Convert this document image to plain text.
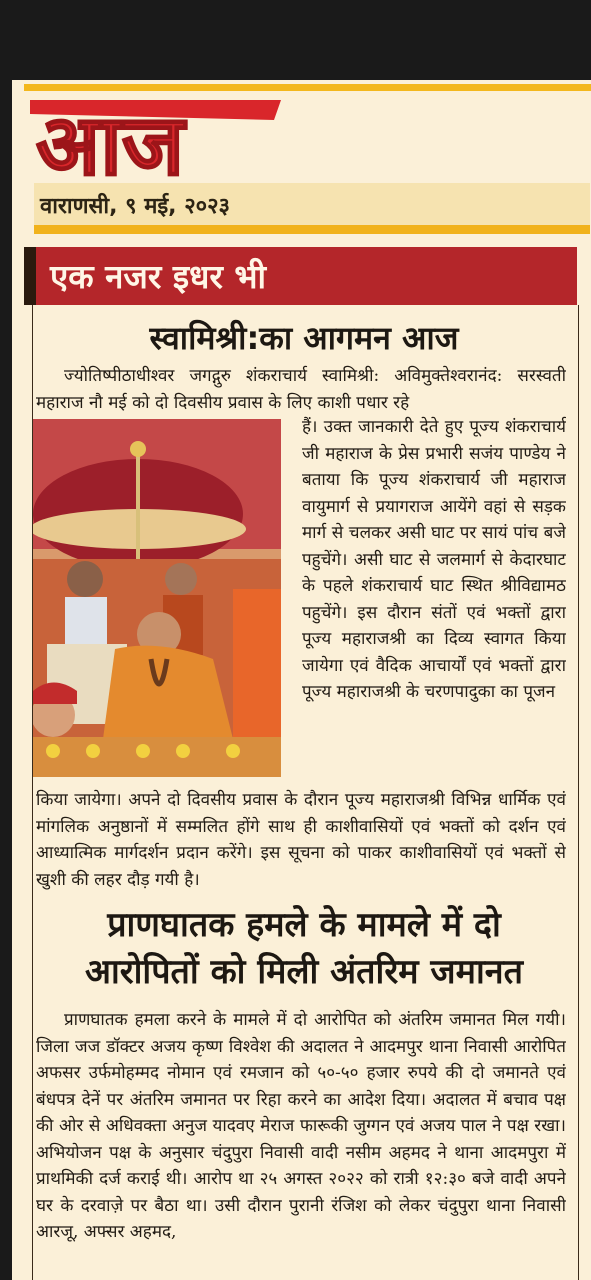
आज
वाराणसी, ९ मई, २०२३
एक नजर इधर भी
स्वामिश्री:का आगमन आज

ज्योतिष्पीठाधीश्वर जगद्गुरु शंकराचार्य स्वामिश्री: अविमुक्तेश्वरानंद: सरस्वती महाराज नौ मई को दो दिवसीय प्रवास के लिए काशी पधार रहे

हैं। उक्त जानकारी देते हुए पूज्य शंकराचार्य जी महाराज के प्रेस प्रभारी सजंय पाण्डेय ने बताया कि पूज्य शंकराचार्य जी महाराज वायुमार्ग से प्रयागराज आयेंगे वहां से सड़क मार्ग से चलकर असी घाट पर सायं पांच बजे पहुचेंगे। असी घाट से जलमार्ग से केदारघाट के पहले शंकराचार्य घाट स्थित श्रीविद्यामठ पहुचेंगे। इस दौरान संतों एवं भक्तों द्वारा पूज्य महाराजश्री का दिव्य स्वागत किया जायेगा एवं वैदिक आचार्यों एवं भक्तों द्वारा पूज्य महाराजश्री के चरणपादुका का पूजन

किया जायेगा। अपने दो दिवसीय प्रवास के दौरान पूज्य महाराजश्री विभिन्न धार्मिक एवं मांगलिक अनुष्ठानों में सम्मलित होंगे साथ ही काशीवासियों एवं भक्तों को दर्शन एवं आध्यात्मिक मार्गदर्शन प्रदान करेंगे। इस सूचना को पाकर काशीवासियों एवं भक्तों से खुशी की लहर दौड़ गयी है।

प्राणघातक हमले के मामले में दो
आरोपितों को मिली अंतरिम जमानत

प्राणघातक हमला करने के मामले में दो आरोपित को अंतरिम जमानत मिल गयी। जिला जज डॉक्टर अजय कृष्ण विश्वेश की अदालत ने आदमपुर थाना निवासी आरोपित अफसर उर्फमोहम्मद नोमान एवं रमजान को ५०-५० हजार रुपये की दो जमानते एवं बंधपत्र देनें पर अंतरिम जमानत पर रिहा करने का आदेश दिया। अदालत में बचाव पक्ष की ओर से अधिवक्ता अनुज यादवए मेराज फारूकी जुग्गन एवं अजय पाल ने पक्ष रखा। अभियोजन पक्ष के अनुसार चंदुपुरा निवासी वादी नसीम अहमद ने थाना आदमपुरा में प्राथमिकी दर्ज कराई थी। आरोप था २५ अगस्त २०२२ को रात्री १२:३० बजे वादी अपने घर के दरवाज़े पर बैठा था। उसी दौरान पुरानी रंजिश को लेकर चंदुपुरा थाना निवासी आरजू, अफ्सर अहमद,
